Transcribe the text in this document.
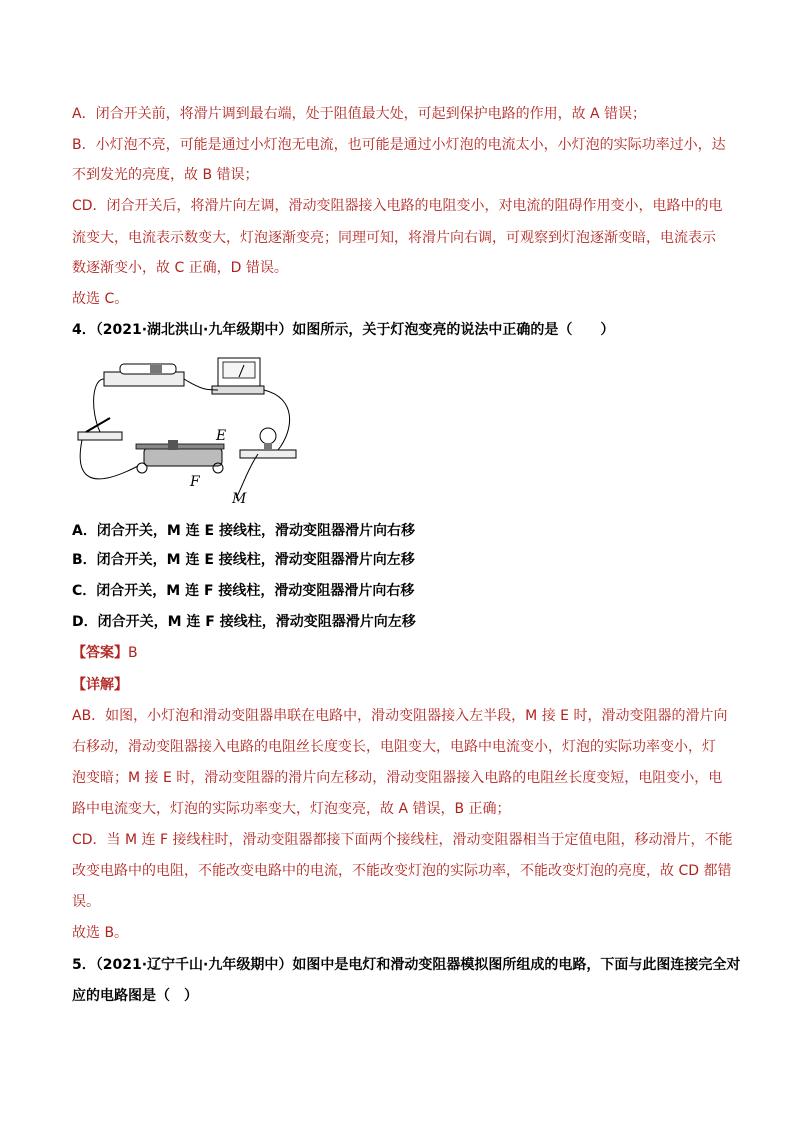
A．闭合开关前，将滑片调到最右端，处于阻值最大处，可起到保护电路的作用，故 A 错误；
B．小灯泡不亮，可能是通过小灯泡无电流，也可能是通过小灯泡的电流太小，小灯泡的实际功率过小，达
不到发光的亮度，故 B 错误；
CD．闭合开关后，将滑片向左调，滑动变阻器接入电路的电阻变小，对电流的阻碍作用变小，电路中的电
流变大，电流表示数变大，灯泡逐渐变亮；同理可知，将滑片向右调，可观察到灯泡逐渐变暗，电流表示
数逐渐变小，故 C 正确，D 错误。
故选 C。
4．（2021·湖北洪山·九年级期中）如图所示，关于灯泡变亮的说法中正确的是（　　）
E
F
M
A．闭合开关，M 连 E 接线柱，滑动变阻器滑片向右移
B．闭合开关，M 连 E 接线柱，滑动变阻器滑片向左移
C．闭合开关，M 连 F 接线柱，滑动变阻器滑片向右移
D．闭合开关，M 连 F 接线柱，滑动变阻器滑片向左移
【答案】B
【详解】
AB．如图，小灯泡和滑动变阻器串联在电路中，滑动变阻器接入左半段，M 接 E 时，滑动变阻器的滑片向
右移动，滑动变阻器接入电路的电阻丝长度变长，电阻变大，电路中电流变小，灯泡的实际功率变小，灯
泡变暗；M 接 E 时，滑动变阻器的滑片向左移动，滑动变阻器接入电路的电阻丝长度变短，电阻变小，电
路中电流变大，灯泡的实际功率变大，灯泡变亮，故 A 错误，B 正确；
CD．当 M 连 F 接线柱时，滑动变阻器都接下面两个接线柱，滑动变阻器相当于定值电阻，移动滑片，不能
改变电路中的电阻，不能改变电路中的电流，不能改变灯泡的实际功率，不能改变灯泡的亮度，故 CD 都错
误。
故选 B。
5．（2021·辽宁千山·九年级期中）如图中是电灯和滑动变阻器模拟图所组成的电路，下面与此图连接完全对
应的电路图是（　）
